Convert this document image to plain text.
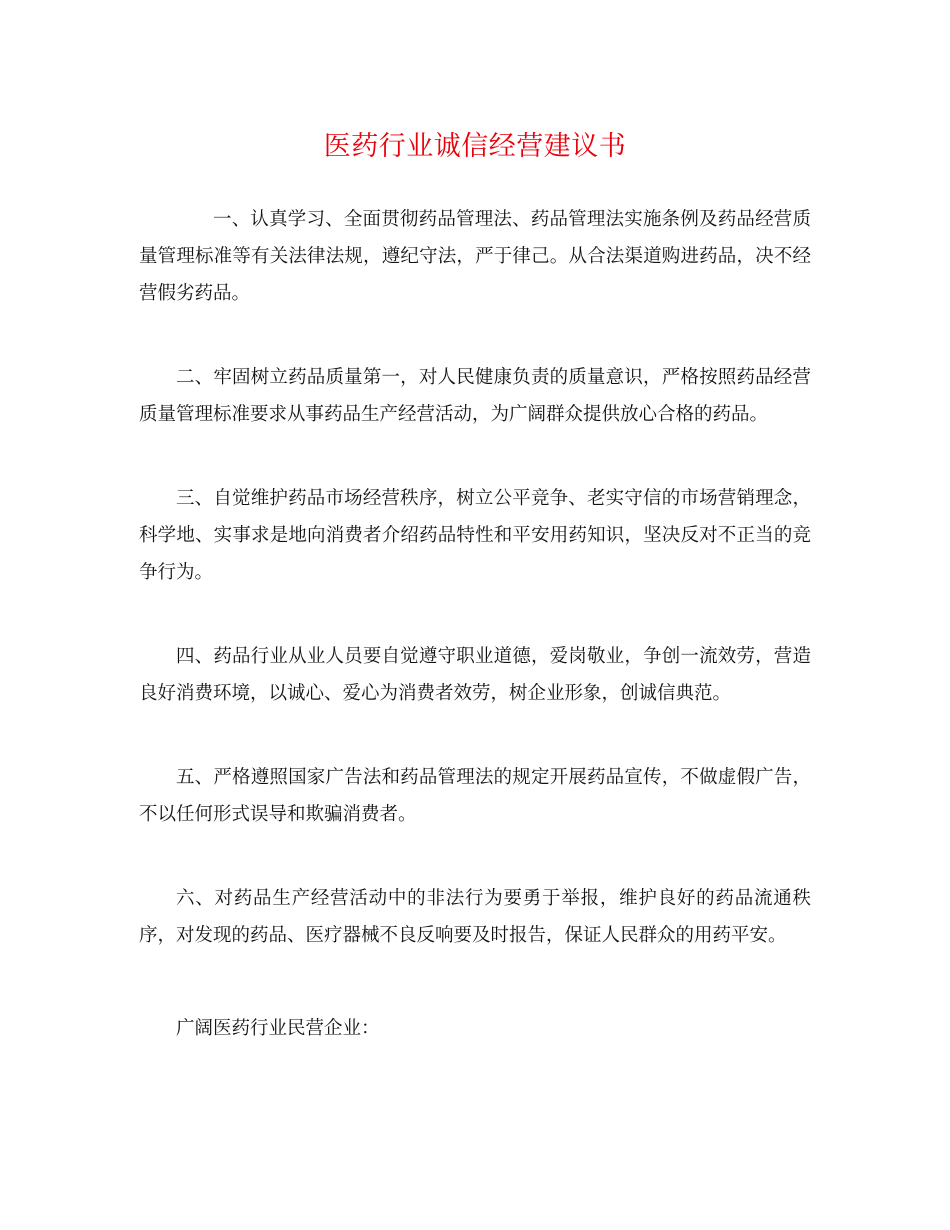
医药行业诚信经营建议书

一、认真学习、全面贯彻药品管理法、药品管理法实施条例及药品经营质量管理标准等有关法律法规，遵纪守法，严于律己。从合法渠道购进药品，决不经营假劣药品。

二、牢固树立药品质量第一，对人民健康负责的质量意识，严格按照药品经营质量管理标准要求从事药品生产经营活动，为广阔群众提供放心合格的药品。

三、自觉维护药品市场经营秩序，树立公平竞争、老实守信的市场营销理念，科学地、实事求是地向消费者介绍药品特性和平安用药知识，坚决反对不正当的竞争行为。

四、药品行业从业人员要自觉遵守职业道德，爱岗敬业，争创一流效劳，营造良好消费环境，以诚心、爱心为消费者效劳，树企业形象，创诚信典范。

五、严格遵照国家广告法和药品管理法的规定开展药品宣传，不做虚假广告，不以任何形式误导和欺骗消费者。

六、对药品生产经营活动中的非法行为要勇于举报，维护良好的药品流通秩序，对发现的药品、医疗器械不良反响要及时报告，保证人民群众的用药平安。

广阔医药行业民营企业：
